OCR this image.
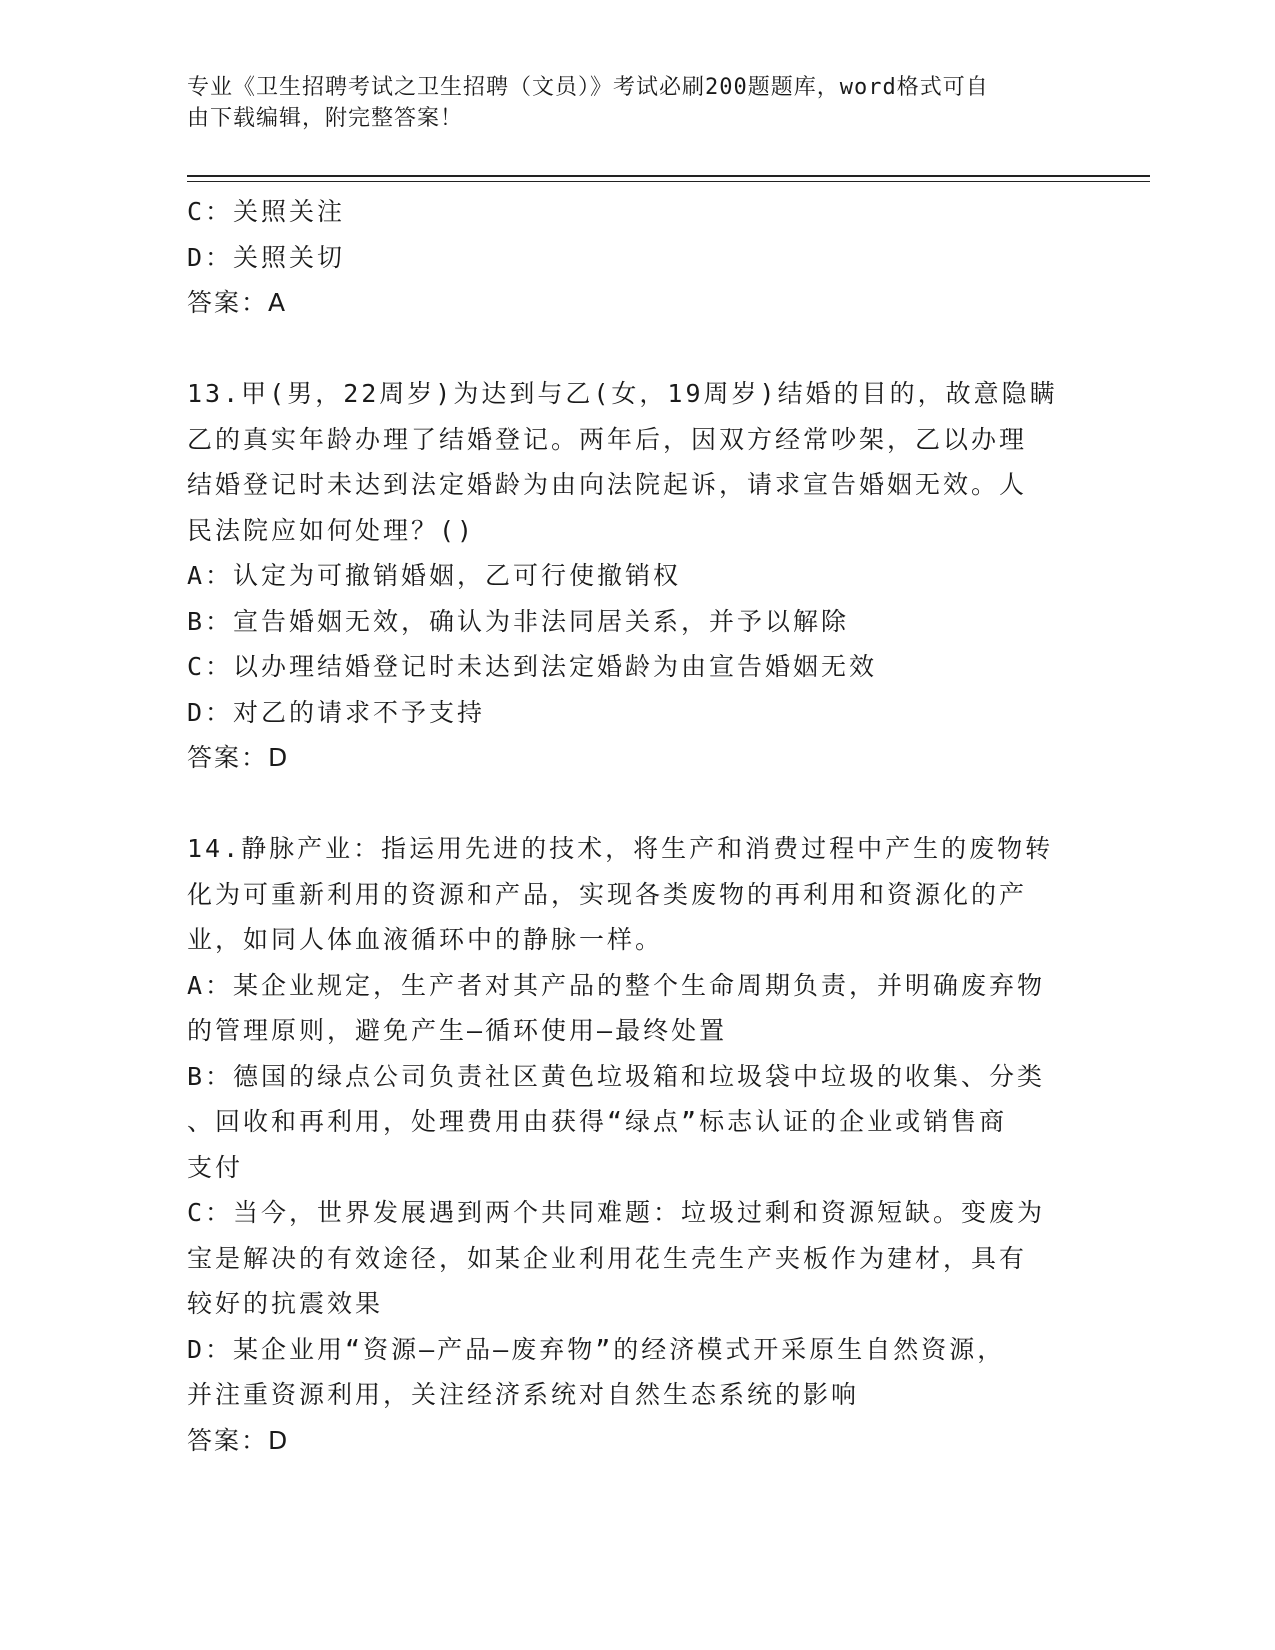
专业《卫生招聘考试之卫生招聘（文员）》考试必刷200题题库，word格式可自
由下载编辑，附完整答案！
C：关照关注
D：关照关切
答案：A
13.甲(男，22周岁)为达到与乙(女，19周岁)结婚的目的，故意隐瞒
乙的真实年龄办理了结婚登记。两年后，因双方经常吵架，乙以办理
结婚登记时未达到法定婚龄为由向法院起诉，请求宣告婚姻无效。人
民法院应如何处理？()
A：认定为可撤销婚姻，乙可行使撤销权
B：宣告婚姻无效，确认为非法同居关系，并予以解除
C：以办理结婚登记时未达到法定婚龄为由宣告婚姻无效
D：对乙的请求不予支持
答案：D
14.静脉产业：指运用先进的技术，将生产和消费过程中产生的废物转
化为可重新利用的资源和产品，实现各类废物的再利用和资源化的产
业，如同人体血液循环中的静脉一样。
A：某企业规定，生产者对其产品的整个生命周期负责，并明确废弃物
的管理原则，避免产生—循环使用—最终处置
B：德国的绿点公司负责社区黄色垃圾箱和垃圾袋中垃圾的收集、分类
、回收和再利用，处理费用由获得“绿点”标志认证的企业或销售商
支付
C：当今，世界发展遇到两个共同难题：垃圾过剩和资源短缺。变废为
宝是解决的有效途径，如某企业利用花生壳生产夹板作为建材，具有
较好的抗震效果
D：某企业用“资源—产品—废弃物”的经济模式开采原生自然资源，
并注重资源利用，关注经济系统对自然生态系统的影响
答案：D
